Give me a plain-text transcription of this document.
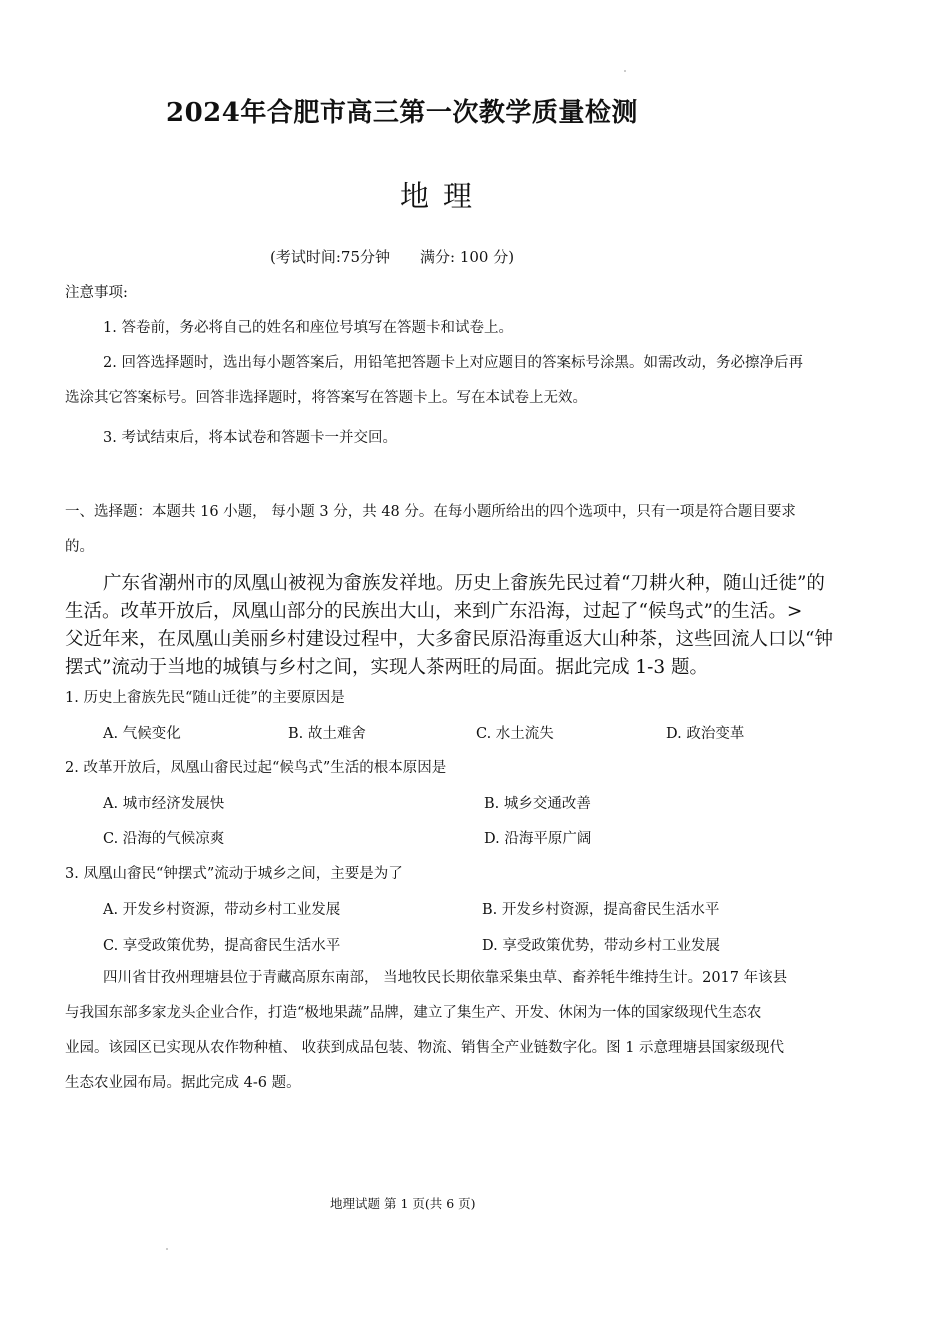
2024年合肥市高三第一次教学质量检测
地理
(考试时间:75分钟 满分: 100 分)
注意事项:
1. 答卷前，务必将自己的姓名和座位号填写在答题卡和试卷上。
2. 回答选择题时，选出每小题答案后，用铅笔把答题卡上对应题目的答案标号涂黑。如需改动，务必擦净后再
选涂其它答案标号。回答非选择题时，将答案写在答题卡上。写在本试卷上无效。
3. 考试结束后，将本试卷和答题卡一并交回。
一、选择题：本题共 16 小题， 每小题 3 分，共 48 分。在每小题所给出的四个选项中，只有一项是符合题目要求
的。
广东省潮州市的凤凰山被视为畲族发祥地。历史上畲族先民过着“刀耕火种，随山迁徙”的
生活。改革开放后，凤凰山部分的民族出大山，来到广东沿海，过起了“候鸟式”的生活。>
父近年来，在凤凰山美丽乡村建设过程中，大多畲民原沿海重返大山种茶，这些回流人口以“钟
摆式”流动于当地的城镇与乡村之间，实现人茶两旺的局面。据此完成 1-3 题。
1. 历史上畲族先民“随山迁徙”的主要原因是
A. 气候变化	B. 故土难舍	C. 水土流失	D. 政治变革
2. 改革开放后，凤凰山畲民过起“候鸟式”生活的根本原因是
A. 城市经济发展快	B. 城乡交通改善
C. 沿海的气候凉爽	D. 沿海平原广阔
3. 凤凰山畲民“钟摆式”流动于城乡之间，主要是为了
A. 开发乡村资源，带动乡村工业发展	B. 开发乡村资源，提高畲民生活水平
C. 享受政策优势，提高畲民生活水平	D. 享受政策优势，带动乡村工业发展
四川省甘孜州理塘县位于青藏高原东南部， 当地牧民长期依靠采集虫草、畜养牦牛维持生计。2017 年该县
与我国东部多家龙头企业合作，打造“极地果蔬”品牌，建立了集生产、开发、休闲为一体的国家级现代生态农
业园。该园区已实现从农作物种植、 收获到成品包装、物流、销售全产业链数字化。图 1 示意理塘县国家级现代
生态农业园布局。据此完成 4-6 题。
地理试题 第 1 页(共 6 页)
